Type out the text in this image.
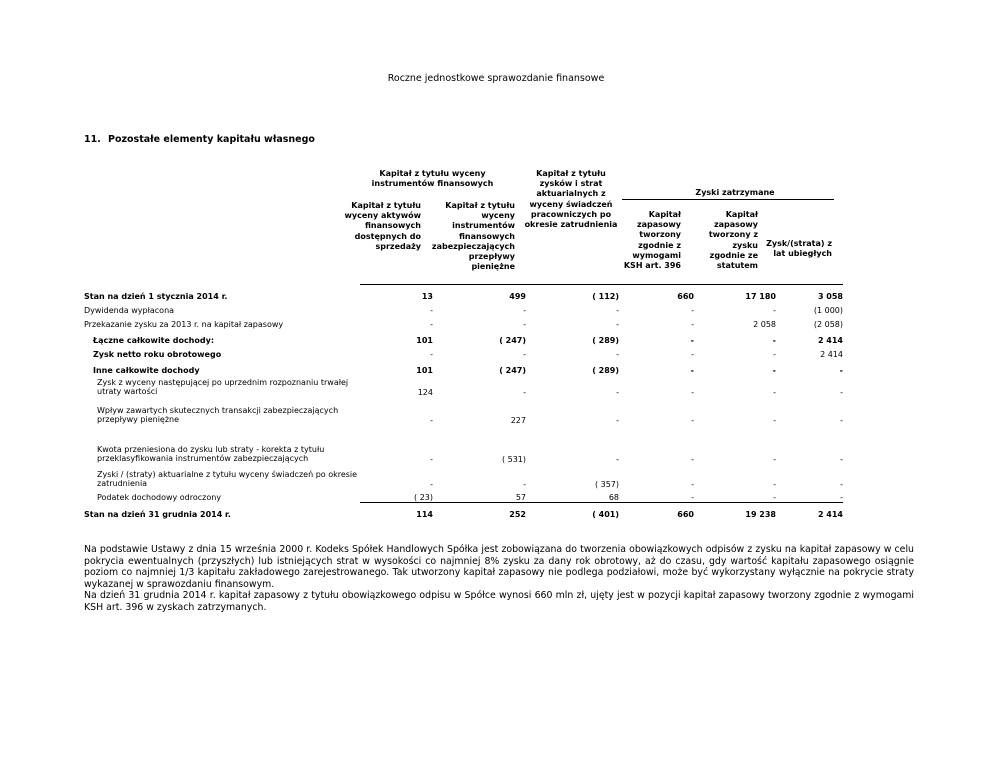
Roczne jednostkowe sprawozdanie finansowe
11. Pozostałe elementy kapitału własnego
Kapitał z tytułu wyceny instrumentów finansowych
Kapitał z tytułu zysków i strat aktuarialnych z wyceny świadczeń pracowniczych po okresie zatrudnienia
Zyski zatrzymane
Kapitał z tytułu wyceny aktywów finansowych dostępnych do sprzedaży
Kapitał z tytułu wyceny instrumentów finansowych zabezpieczających przepływy pieniężne
Kapitał zapasowy tworzony zgodnie z wymogami KSH art. 396
Kapitał zapasowy tworzony z zysku zgodnie ze statutem
Zysk/(strata) z lat ubiegłych
Stan na dzień 1 stycznia 2014 r.	13	499	( 112)	660	17 180	3 058
Dywidenda wypłacona	-	-	-	-	-	(1 000)
Przekazanie zysku za 2013 r. na kapitał zapasowy	-	-	-	-	2 058	(2 058)
Łączne całkowite dochody:	101	( 247)	( 289)	-	-	2 414
Zysk netto roku obrotowego	-	-	-	-	-	2 414
Inne całkowite dochody	101	( 247)	( 289)	-	-	-
Zysk z wyceny następującej po uprzednim rozpoznaniu trwałej utraty wartości	124	-	-	-	-	-
Wpływ zawartych skutecznych transakcji zabezpieczających przepływy pieniężne	-	227	-	-	-	-
Kwota przeniesiona do zysku lub straty - korekta z tytułu przeklasyfikowania instrumentów zabezpieczających	-	( 531)	-	-	-	-
Zyski / (straty) aktuarialne z tytułu wyceny świadczeń po okresie zatrudnienia	-	-	( 357)	-	-	-
Podatek dochodowy odroczony	( 23)	57	68	-	-	-
Stan na dzień 31 grudnia 2014 r.	114	252	( 401)	660	19 238	2 414

Na podstawie Ustawy z dnia 15 września 2000 r. Kodeks Spółek Handlowych Spółka jest zobowiązana do tworzenia obowiązkowych odpisów z zysku na kapitał zapasowy w celu pokrycia ewentualnych (przyszłych) lub istniejących strat w wysokości co najmniej 8% zysku za dany rok obrotowy, aż do czasu, gdy wartość kapitału zapasowego osiągnie poziom co najmniej 1/3 kapitału zakładowego zarejestrowanego. Tak utworzony kapitał zapasowy nie podlega podziałowi, może być wykorzystany wyłącznie na pokrycie straty wykazanej w sprawozdaniu finansowym.

Na dzień 31 grudnia 2014 r. kapitał zapasowy z tytułu obowiązkowego odpisu w Spółce wynosi 660 mln zł, ujęty jest w pozycji kapitał zapasowy tworzony zgodnie z wymogami KSH art. 396 w zyskach zatrzymanych.
